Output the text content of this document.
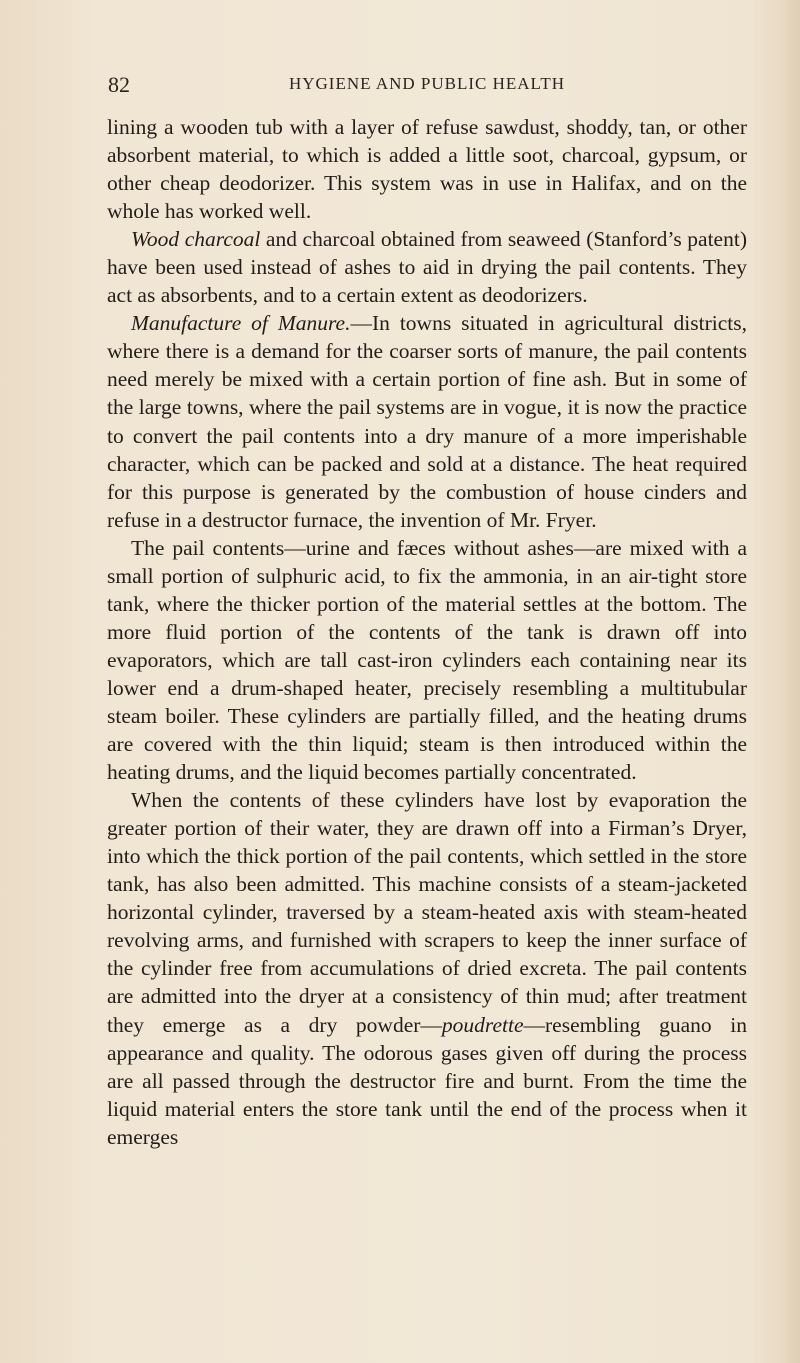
82	HYGIENE AND PUBLIC HEALTH

lining a wooden tub with a layer of refuse sawdust, shoddy, tan, or other absorbent material, to which is added a little soot, charcoal, gypsum, or other cheap deodorizer. This system was in use in Halifax, and on the whole has worked well.

Wood charcoal and charcoal obtained from seaweed (Stanford’s patent) have been used instead of ashes to aid in drying the pail contents. They act as absorbents, and to a certain extent as deodorizers.

Manufacture of Manure.—In towns situated in agricultural districts, where there is a demand for the coarser sorts of manure, the pail contents need merely be mixed with a certain portion of fine ash. But in some of the large towns, where the pail systems are in vogue, it is now the practice to convert the pail contents into a dry manure of a more imperishable character, which can be packed and sold at a distance. The heat required for this purpose is generated by the combustion of house cinders and refuse in a destructor furnace, the invention of Mr. Fryer.

The pail contents—urine and fæces without ashes—are mixed with a small portion of sulphuric acid, to fix the ammonia, in an air-tight store tank, where the thicker portion of the material settles at the bottom. The more fluid portion of the contents of the tank is drawn off into evaporators, which are tall cast-iron cylinders each containing near its lower end a drum-shaped heater, precisely resembling a multitubular steam boiler. These cylinders are partially filled, and the heating drums are covered with the thin liquid; steam is then introduced within the heating drums, and the liquid becomes partially concentrated.

When the contents of these cylinders have lost by evaporation the greater portion of their water, they are drawn off into a Firman’s Dryer, into which the thick portion of the pail contents, which settled in the store tank, has also been admitted. This machine consists of a steam-jacketed horizontal cylinder, traversed by a steam-heated axis with steam-heated revolving arms, and furnished with scrapers to keep the inner surface of the cylinder free from accumulations of dried excreta. The pail contents are admitted into the dryer at a consistency of thin mud; after treatment they emerge as a dry powder—poudrette—resembling guano in appearance and quality. The odorous gases given off during the process are all passed through the destructor fire and burnt. From the time the liquid material enters the store tank until the end of the process when it emerges
